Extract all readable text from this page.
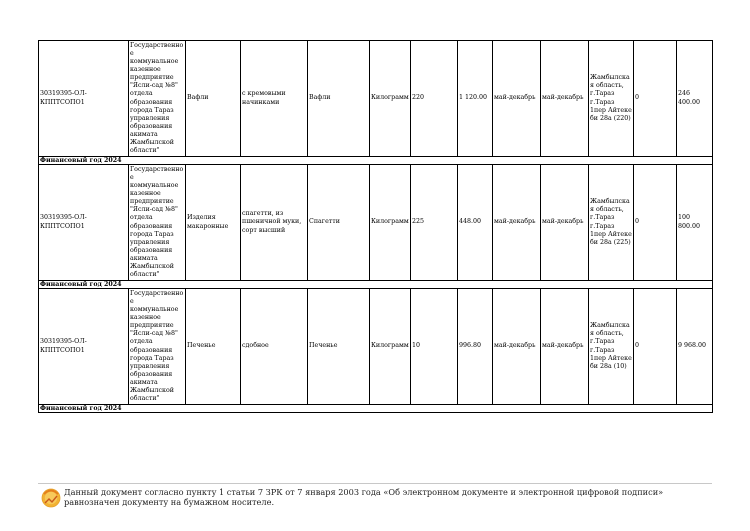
30319395-ОЛ-КППТСОПО1	Государственное коммунальное казенное предприятие "Ясли-сад №8" отдела образования города Тараз управления образования акимата Жамбылской области"	Вафли	с кремовыми начинками	Вафли	Килограмм	220	1 120.00	май-декабрь	май-декабрь	Жамбылская область, г.Тараз г.Тараз 1пер Айтеке би 28а (220)	0	246 400.00
Финансовый год 2024												
30319395-ОЛ-КППТСОПО1	Государственное коммунальное казенное предприятие "Ясли-сад №8" отдела образования города Тараз управления образования акимата Жамбылской области"	Изделия макаронные	спагетти, из пшеничной муки, сорт высший	Спагетти	Килограмм	225	448.00	май-декабрь	май-декабрь	Жамбылская область, г.Тараз г.Тараз 1пер Айтеке би 28а (225)	0	100 800.00
Финансовый год 2024												
30319395-ОЛ-КППТСОПО1	Государственное коммунальное казенное предприятие "Ясли-сад №8" отдела образования города Тараз управления образования акимата Жамбылской области"	Печенье	сдобное	Печенье	Килограмм	10	996.80	май-декабрь	май-декабрь	Жамбылская область, г.Тараз г.Тараз 1пер Айтеке би 28а (10)	0	9 968.00
Финансовый год 2024												
Данный документ согласно пункту 1 статьи 7 ЗРК от 7 января 2003 года «Об электронном документе и электронной цифровой подписи» равнозначен документу на бумажном носителе.
